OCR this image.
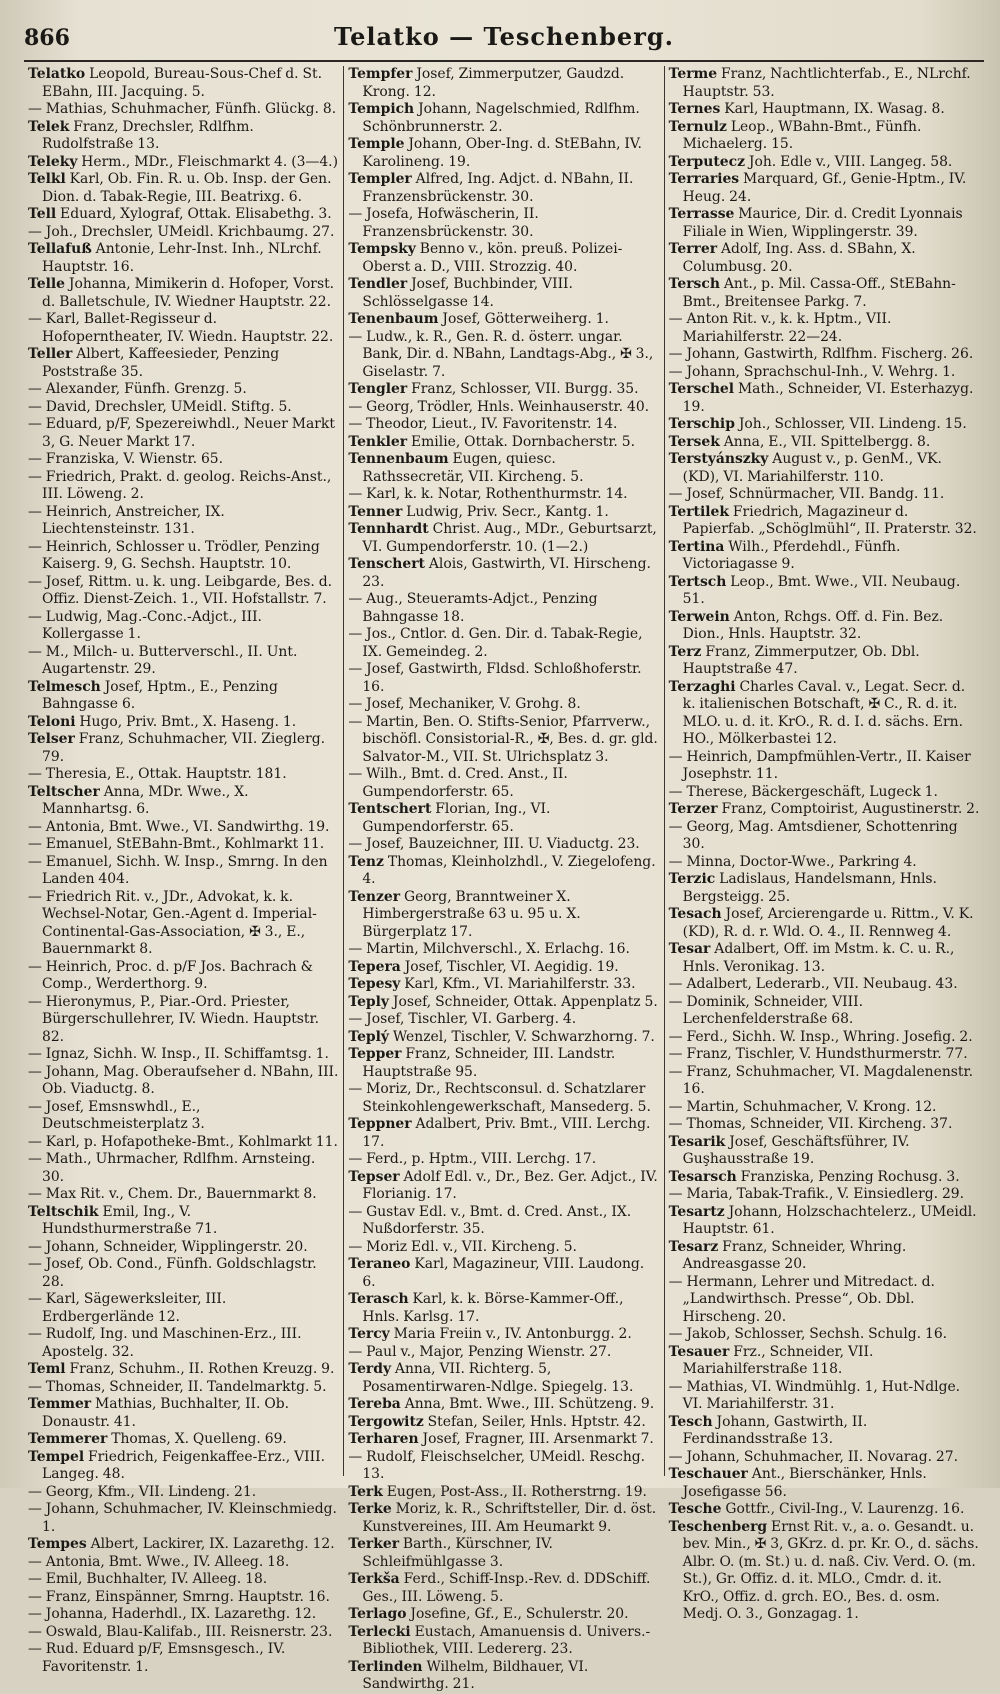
866	Telatko — Teschenberg.
Telatko Leopold, Bureau-Sous-Chef d. St. EBahn, III. Jacquing. 5.
— Mathias, Schuhmacher, Fünfh. Glückg. 8.
Telek Franz, Drechsler, Rdlfhm. Rudolfstraße 13.
Teleky Herm., MDr., Fleischmarkt 4. (3—4.)
Telkl Karl, Ob. Fin. R. u. Ob. Insp. der Gen. Dion. d. Tabak-Regie, III. Beatrixg. 6.
Tell Eduard, Xylograf, Ottak. Elisabethg. 3.
— Joh., Drechsler, UMeidl. Krichbaumg. 27.
Tellafuß Antonie, Lehr-Inst. Inh., NLrchf. Hauptstr. 16.
Telle Johanna, Mimikerin d. Hofoper, Vorst. d. Balletschule, IV. Wiedner Hauptstr. 22.
— Karl, Ballet-Regisseur d. Hofoperntheater, IV. Wiedn. Hauptstr. 22.
Teller Albert, Kaffeesieder, Penzing Poststraße 35.
— Alexander, Fünfh. Grenzg. 5.
— David, Drechsler, UMeidl. Stiftg. 5.
— Eduard, p/F, Spezereiwhdl., Neuer Markt 3, G. Neuer Markt 17.
— Franziska, V. Wienstr. 65.
— Friedrich, Prakt. d. geolog. Reichs-Anst., III. Löweng. 2.
— Heinrich, Anstreicher, IX. Liechtensteinstr. 131.
— Heinrich, Schlosser u. Trödler, Penzing Kaiserg. 9, G. Sechsh. Hauptstr. 10.
— Josef, Rittm. u. k. ung. Leibgarde, Bes. d. Offiz. Dienst-Zeich. 1., VII. Hofstallstr. 7.
— Ludwig, Mag.-Conc.-Adjct., III. Kollergasse 1.
— M., Milch- u. Butterverschl., II. Unt. Augartenstr. 29.
Telmesch Josef, Hptm., E., Penzing Bahngasse 6.
Teloni Hugo, Priv. Bmt., X. Haseng. 1.
Telser Franz, Schuhmacher, VII. Zieglerg. 79.
— Theresia, E., Ottak. Hauptstr. 181.
Teltscher Anna, MDr. Wwe., X. Mannhartsg. 6.
— Antonia, Bmt. Wwe., VI. Sandwirthg. 19.
— Emanuel, StEBahn-Bmt., Kohlmarkt 11.
— Emanuel, Sichh. W. Insp., Smrng. In den Landen 404.
— Friedrich Rit. v., JDr., Advokat, k. k. Wechsel-Notar, Gen.-Agent d. Imperial-Continental-Gas-Association, ✠ 3., E., Bauernmarkt 8.
— Heinrich, Proc. d. p/F Jos. Bachrach & Comp., Werderthorg. 9.
— Hieronymus, P., Piar.-Ord. Priester, Bürgerschullehrer, IV. Wiedn. Hauptstr. 82.
— Ignaz, Sichh. W. Insp., II. Schiffamtsg. 1.
— Johann, Mag. Oberaufseher d. NBahn, III. Ob. Viaductg. 8.
— Josef, Emsnswhdl., E., Deutschmeisterplatz 3.
— Karl, p. Hofapotheke-Bmt., Kohlmarkt 11.
— Math., Uhrmacher, Rdlfhm. Arnsteing. 30.
— Max Rit. v., Chem. Dr., Bauernmarkt 8.
Teltschik Emil, Ing., V. Hundsthurmerstraße 71.
— Johann, Schneider, Wipplingerstr. 20.
— Josef, Ob. Cond., Fünfh. Goldschlagstr. 28.
— Karl, Sägewerksleiter, III. Erdbergerlände 12.
— Rudolf, Ing. und Maschinen-Erz., III. Apostelg. 32.
Teml Franz, Schuhm., II. Rothen Kreuzg. 9.
— Thomas, Schneider, II. Tandelmarktg. 5.
Temmer Mathias, Buchhalter, II. Ob. Donaustr. 41.
Temmerer Thomas, X. Quelleng. 69.
Tempel Friedrich, Feigenkaffee-Erz., VIII. Langeg. 48.
— Georg, Kfm., VII. Lindeng. 21.
— Johann, Schuhmacher, IV. Kleinschmiedg. 1.
Tempes Albert, Lackirer, IX. Lazarethg. 12.
— Antonia, Bmt. Wwe., IV. Alleeg. 18.
— Emil, Buchhalter, IV. Alleeg. 18.
— Franz, Einspänner, Smrng. Hauptstr. 16.
— Johanna, Haderhdl., IX. Lazarethg. 12.
— Oswald, Blau-Kalifab., III. Reisnerstr. 23.
— Rud. Eduard p/F, Emsnsgesch., IV. Favoritenstr. 1.
Tempfer Josef, Zimmerputzer, Gaudzd. Krong. 12.
Tempich Johann, Nagelschmied, Rdlfhm. Schönbrunnerstr. 2.
Temple Johann, Ober-Ing. d. StEBahn, IV. Karolineng. 19.
Templer Alfred, Ing. Adjct. d. NBahn, II. Franzensbrückenstr. 30.
— Josefa, Hofwäscherin, II. Franzensbrückenstr. 30.
Tempsky Benno v., kön. preuß. Polizei-Oberst a. D., VIII. Strozzig. 40.
Tendler Josef, Buchbinder, VIII. Schlösselgasse 14.
Tenenbaum Josef, Götterweiherg. 1.
— Ludw., k. R., Gen. R. d. österr. ungar. Bank, Dir. d. NBahn, Landtags-Abg., ✠ 3., Giselastr. 7.
Tengler Franz, Schlosser, VII. Burgg. 35.
— Georg, Trödler, Hnls. Weinhauserstr. 40.
— Theodor, Lieut., IV. Favoritenstr. 14.
Tenkler Emilie, Ottak. Dornbacherstr. 5.
Tennenbaum Eugen, quiesc. Rathssecretär, VII. Kircheng. 5.
— Karl, k. k. Notar, Rothenthurmstr. 14.
Tenner Ludwig, Priv. Secr., Kantg. 1.
Tennhardt Christ. Aug., MDr., Geburtsarzt, VI. Gumpendorferstr. 10. (1—2.)
Tenschert Alois, Gastwirth, VI. Hirscheng. 23.
— Aug., Steueramts-Adjct., Penzing Bahngasse 18.
— Jos., Cntlor. d. Gen. Dir. d. Tabak-Regie, IX. Gemeindeg. 2.
— Josef, Gastwirth, Fldsd. Schloßhoferstr. 16.
— Josef, Mechaniker, V. Grohg. 8.
— Martin, Ben. O. Stifts-Senior, Pfarrverw., bischöfl. Consistorial-R., ✠, Bes. d. gr. gld. Salvator-M., VII. St. Ulrichsplatz 3.
— Wilh., Bmt. d. Cred. Anst., II. Gumpendorferstr. 65.
Tentschert Florian, Ing., VI. Gumpendorferstr. 65.
— Josef, Bauzeichner, III. U. Viaductg. 23.
Tenz Thomas, Kleinholzhdl., V. Ziegelofeng. 4.
Tenzer Georg, Branntweiner X. Himbergerstraße 63 u. 95 u. X. Bürgerplatz 17.
— Martin, Milchverschl., X. Erlachg. 16.
Tepera Josef, Tischler, VI. Aegidig. 19.
Tepesy Karl, Kfm., VI. Mariahilferstr. 33.
Teply Josef, Schneider, Ottak. Appenplatz 5.
— Josef, Tischler, VI. Garberg. 4.
Teplý Wenzel, Tischler, V. Schwarzhorng. 7.
Tepper Franz, Schneider, III. Landstr. Hauptstraße 95.
— Moriz, Dr., Rechtsconsul. d. Schatzlarer Steinkohlengewerkschaft, Mansederg. 5.
Teppner Adalbert, Priv. Bmt., VIII. Lerchg. 17.
— Ferd., p. Hptm., VIII. Lerchg. 17.
Tepser Adolf Edl. v., Dr., Bez. Ger. Adjct., IV. Florianig. 17.
— Gustav Edl. v., Bmt. d. Cred. Anst., IX. Nußdorferstr. 35.
— Moriz Edl. v., VII. Kircheng. 5.
Teraneo Karl, Magazineur, VIII. Laudong. 6.
Terasch Karl, k. k. Börse-Kammer-Off., Hnls. Karlsg. 17.
Tercy Maria Freiin v., IV. Antonburgg. 2.
— Paul v., Major, Penzing Wienstr. 27.
Terdy Anna, VII. Richterg. 5, Posamentirwaren-Ndlge. Spiegelg. 13.
Tereba Anna, Bmt. Wwe., III. Schützeng. 9.
Tergowitz Stefan, Seiler, Hnls. Hptstr. 42.
Terharen Josef, Fragner, III. Arsenmarkt 7.
— Rudolf, Fleischselcher, UMeidl. Reschg. 13.
Terk Eugen, Post-Ass., II. Rotherstrng. 19.
Terke Moriz, k. R., Schriftsteller, Dir. d. öst. Kunstvereines, III. Am Heumarkt 9.
Terker Barth., Kürschner, IV. Schleifmühlgasse 3.
Terkša Ferd., Schiff-Insp.-Rev. d. DDSchiff. Ges., III. Löweng. 5.
Terlago Josefine, Gf., E., Schulerstr. 20.
Terlecki Eustach, Amanuensis d. Univers.-Bibliothek, VIII. Ledererg. 23.
Terlinden Wilhelm, Bildhauer, VI. Sandwirthg. 21.
Terme Franz, Nachtlichterfab., E., NLrchf. Hauptstr. 53.
Ternes Karl, Hauptmann, IX. Wasag. 8.
Ternulz Leop., WBahn-Bmt., Fünfh. Michaelerg. 15.
Terputecz Joh. Edle v., VIII. Langeg. 58.
Terraries Marquard, Gf., Genie-Hptm., IV. Heug. 24.
Terrasse Maurice, Dir. d. Credit Lyonnais Filiale in Wien, Wipplingerstr. 39.
Terrer Adolf, Ing. Ass. d. SBahn, X. Columbusg. 20.
Tersch Ant., p. Mil. Cassa-Off., StEBahn-Bmt., Breitensee Parkg. 7.
— Anton Rit. v., k. k. Hptm., VII. Mariahilferstr. 22—24.
— Johann, Gastwirth, Rdlfhm. Fischerg. 26.
— Johann, Sprachschul-Inh., V. Wehrg. 1.
Terschel Math., Schneider, VI. Esterhazyg. 19.
Terschip Joh., Schlosser, VII. Lindeng. 15.
Tersek Anna, E., VII. Spittelbergg. 8.
Terstyánszky August v., p. GenM., VK. (KD), VI. Mariahilferstr. 110.
— Josef, Schnürmacher, VII. Bandg. 11.
Tertilek Friedrich, Magazineur d. Papierfab. „Schöglmühl“, II. Praterstr. 32.
Tertina Wilh., Pferdehdl., Fünfh. Victoriagasse 9.
Tertsch Leop., Bmt. Wwe., VII. Neubaug. 51.
Terwein Anton, Rchgs. Off. d. Fin. Bez. Dion., Hnls. Hauptstr. 32.
Terz Franz, Zimmerputzer, Ob. Dbl. Hauptstraße 47.
Terzaghi Charles Caval. v., Legat. Secr. d. k. italienischen Botschaft, ✠ C., R. d. it. MLO. u. d. it. KrO., R. d. I. d. sächs. Ern. HO., Mölkerbastei 12.
— Heinrich, Dampfmühlen-Vertr., II. Kaiser Josephstr. 11.
— Therese, Bäckergeschäft, Lugeck 1.
Terzer Franz, Comptoirist, Augustinerstr. 2.
— Georg, Mag. Amtsdiener, Schottenring 30.
— Minna, Doctor-Wwe., Parkring 4.
Terzic Ladislaus, Handelsmann, Hnls. Bergsteigg. 25.
Tesach Josef, Arcierengarde u. Rittm., V. K. (KD), R. d. r. Wld. O. 4., II. Rennweg 4.
Tesar Adalbert, Off. im Mstm. k. C. u. R., Hnls. Veronikag. 13.
— Adalbert, Lederarb., VII. Neubaug. 43.
— Dominik, Schneider, VIII. Lerchenfelderstraße 68.
— Ferd., Sichh. W. Insp., Whring. Josefig. 2.
— Franz, Tischler, V. Hundsthurmerstr. 77.
— Franz, Schuhmacher, VI. Magdalenenstr. 16.
— Martin, Schuhmacher, V. Krong. 12.
— Thomas, Schneider, VII. Kircheng. 37.
Tesarik Josef, Geschäftsführer, IV. Guşhausstraße 19.
Tesarsch Franziska, Penzing Rochusg. 3.
— Maria, Tabak-Trafik., V. Einsiedlerg. 29.
Tesartz Johann, Holzschachtelerz., UMeidl. Hauptstr. 61.
Tesarz Franz, Schneider, Whring. Andreasgasse 20.
— Hermann, Lehrer und Mitredact. d. „Landwirthsch. Presse“, Ob. Dbl. Hirscheng. 20.
— Jakob, Schlosser, Sechsh. Schulg. 16.
Tesauer Frz., Schneider, VII. Mariahilferstraße 118.
— Mathias, VI. Windmühlg. 1, Hut-Ndlge. VI. Mariahilferstr. 31.
Tesch Johann, Gastwirth, II. Ferdinandsstraße 13.
— Johann, Schuhmacher, II. Novarag. 27.
Teschauer Ant., Bierschänker, Hnls. Josefigasse 56.
Tesche Gottfr., Civil-Ing., V. Laurenzg. 16.
Teschenberg Ernst Rit. v., a. o. Gesandt. u. bev. Min., ✠ 3, GKrz. d. pr. Kr. O., d. sächs. Albr. O. (m. St.) u. d. naß. Civ. Verd. O. (m. St.), Gr. Offiz. d. it. MLO., Cmdr. d. it. KrO., Offiz. d. grch. EO., Bes. d. osm. Medj. O. 3., Gonzagag. 1.
